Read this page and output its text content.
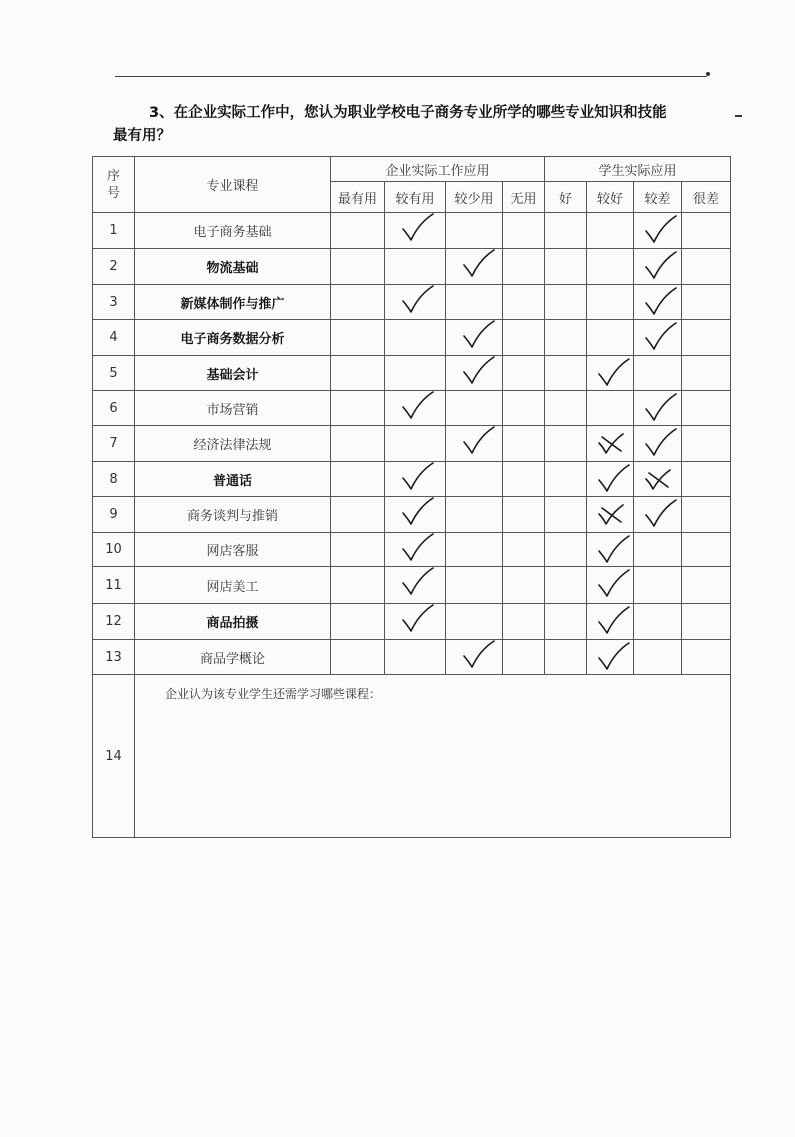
3、在企业实际工作中，您认为职业学校电子商务专业所学的哪些专业知识和技能
最有用？
序号	专业课程	企业实际工作应用				学生实际应用			
		最有用	较有用	较少用	无用	好	较好	较差	很差
1	电子商务基础		

2	物流基础			

3	新媒体制作与推广		

4	电子商务数据分析			

5	基础会计			

6	市场营销		

7	经济法律法规			

8	普通话		

9	商务谈判与推销		

10	网店客服		

11	网店美工		

12	商品拍摄		

13	商品学概论			

14	企业认为该专业学生还需学习哪些课程：								
